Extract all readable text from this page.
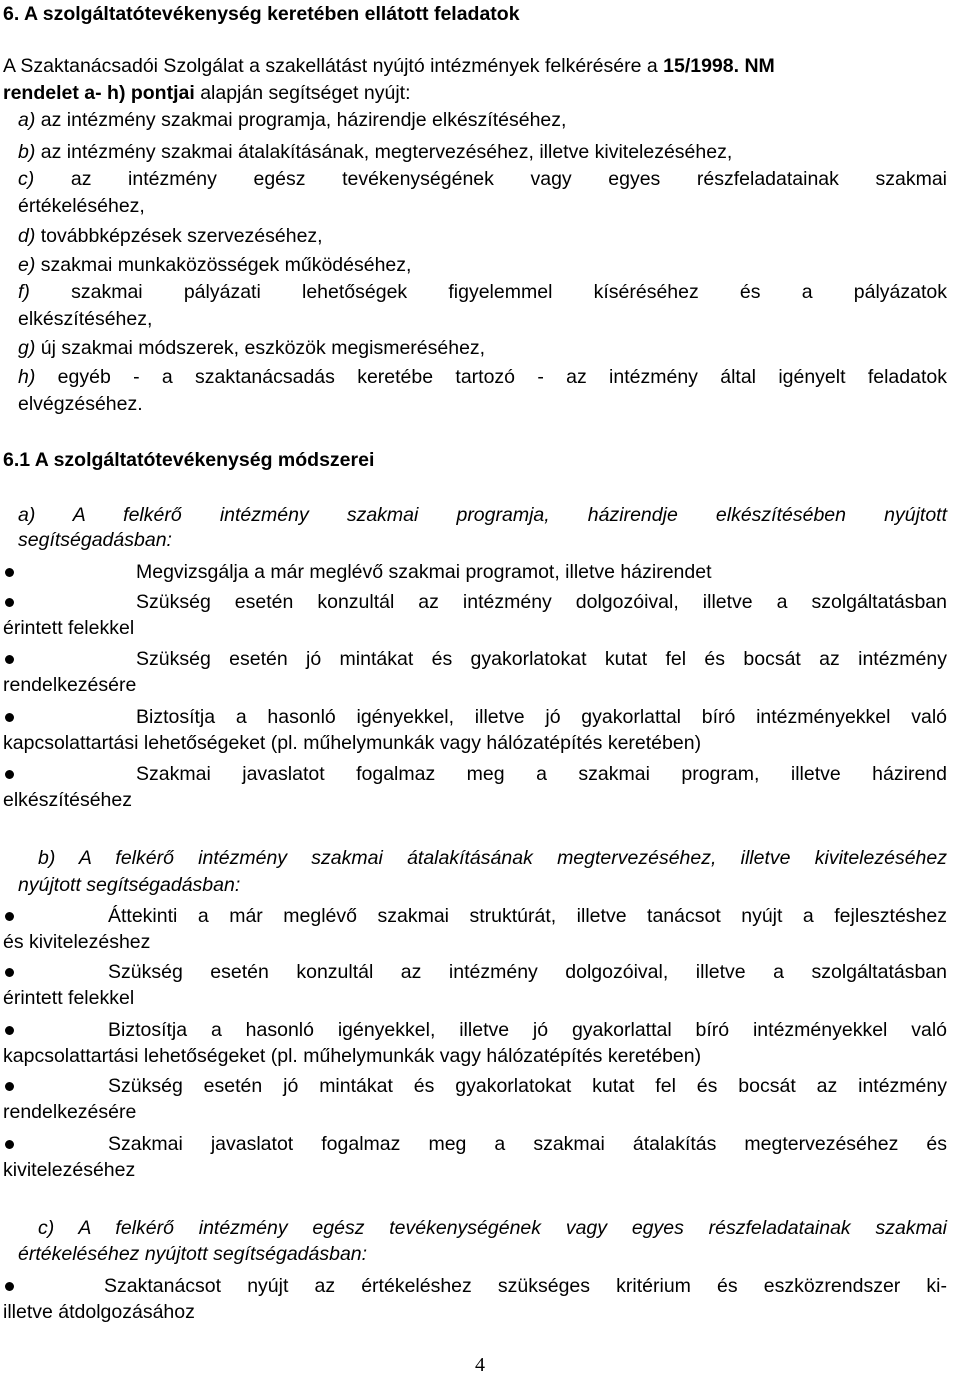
6. A szolgáltatótevékenység keretében ellátott feladatok
A Szaktanácsadói Szolgálat a szakellátást nyújtó intézmények felkérésére a 15/1998. NM
rendelet a- h) pontjai alapján segítséget nyújt:
a) az intézmény szakmai programja, házirendje elkészítéséhez,
b) az intézmény szakmai átalakításának, megtervezéséhez, illetve kivitelezéséhez,
c) az intézmény egész tevékenységének vagy egyes részfeladatainak szakmai
értékeléséhez,
d) továbbképzések szervezéséhez,
e) szakmai munkaközösségek működéséhez,
f) szakmai pályázati lehetőségek figyelemmel kíséréséhez és a pályázatok
elkészítéséhez,
g) új szakmai módszerek, eszközök megismeréséhez,
h) egyéb - a szaktanácsadás keretébe tartozó - az intézmény által igényelt feladatok
elvégzéséhez.
6.1 A szolgáltatótevékenység módszerei
a) A felkérő intézmény szakmai programja, házirendje elkészítésében nyújtott
segítségadásban:
Megvizsgálja a már meglévő szakmai programot, illetve házirendet
Szükség esetén konzultál az intézmény dolgozóival, illetve a szolgáltatásban
érintett felekkel
Szükség esetén jó mintákat és gyakorlatokat kutat fel és bocsát az intézmény
rendelkezésére
Biztosítja a hasonló igényekkel, illetve jó gyakorlattal bíró intézményekkel való
kapcsolattartási lehetőségeket (pl. műhelymunkák vagy hálózatépítés keretében)
Szakmai javaslatot fogalmaz meg a szakmai program, illetve házirend
elkészítéséhez
b) A felkérő intézmény szakmai átalakításának megtervezéséhez, illetve kivitelezéséhez
nyújtott segítségadásban:
Áttekinti a már meglévő szakmai struktúrát, illetve tanácsot nyújt a fejlesztéshez
és kivitelezéshez
Szükség esetén konzultál az intézmény dolgozóival, illetve a szolgáltatásban
érintett felekkel
Biztosítja a hasonló igényekkel, illetve jó gyakorlattal bíró intézményekkel való
kapcsolattartási lehetőségeket (pl. műhelymunkák vagy hálózatépítés keretében)
Szükség esetén jó mintákat és gyakorlatokat kutat fel és bocsát az intézmény
rendelkezésére
Szakmai javaslatot fogalmaz meg a szakmai átalakítás megtervezéséhez és
kivitelezéséhez
c) A felkérő intézmény egész tevékenységének vagy egyes részfeladatainak szakmai
értékeléséhez nyújtott segítségadásban:
Szaktanácsot nyújt az értékeléshez szükséges kritérium és eszközrendszer ki-
illetve átdolgozásához
4
